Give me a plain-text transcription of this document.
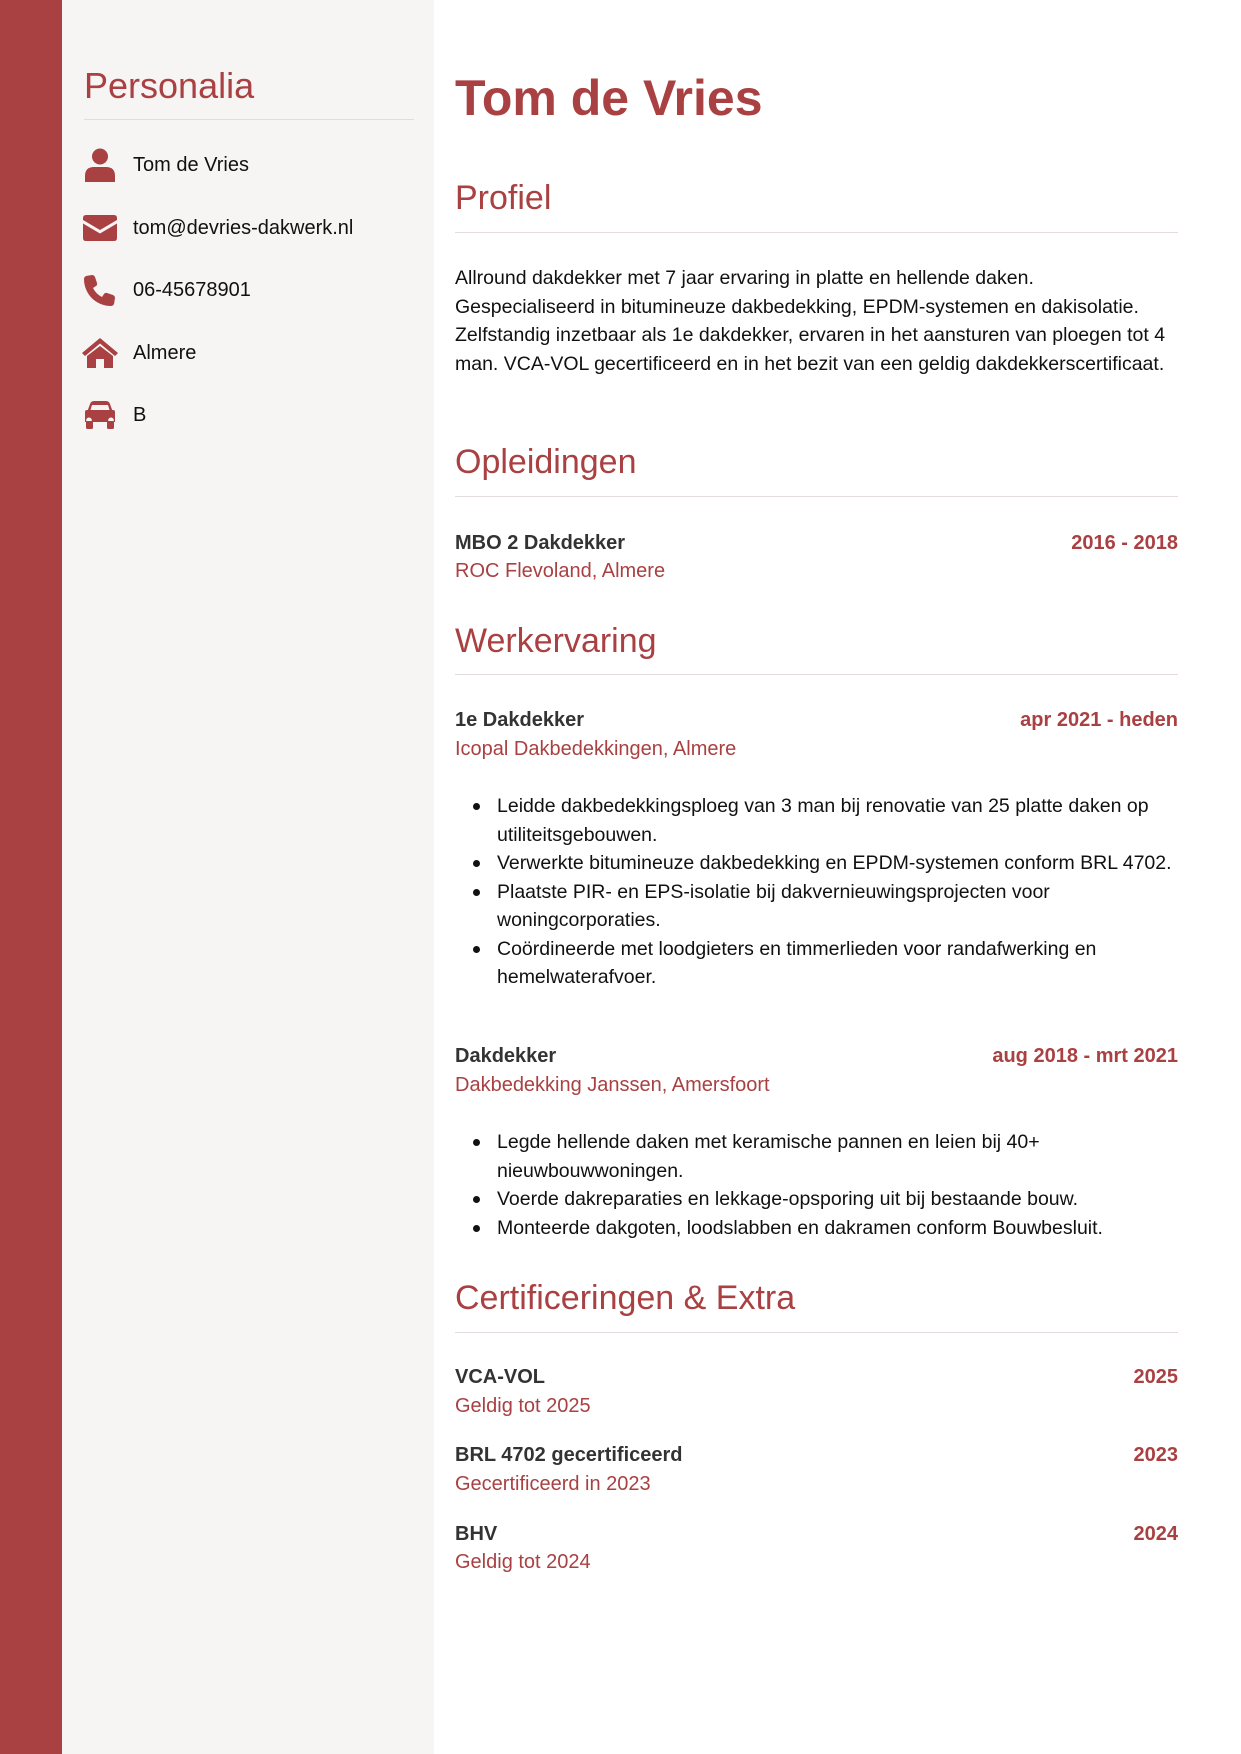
Personalia
Tom de Vries
tom@devries-dakwerk.nl
06-45678901
Almere
B
Tom de Vries
Profiel

Allround dakdekker met 7 jaar ervaring in platte en hellende daken. Gespecialiseerd in bitumineuze dakbedekking, EPDM-systemen en dakisolatie. Zelfstandig inzetbaar als 1e dakdekker, ervaren in het aansturen van ploegen tot 4 man. VCA-VOL gecertificeerd en in het bezit van een geldig dakdekkerscertificaat.

Opleidingen
MBO 2 Dakdekker	2016 - 2018
ROC Flevoland, Almere
Werkervaring
1e Dakdekker	apr 2021 - heden
Icopal Dakbedekkingen, Almere
Leidde dakbedekkingsploeg van 3 man bij renovatie van 25 platte daken op utiliteitsgebouwen.
Verwerkte bitumineuze dakbedekking en EPDM-systemen conform BRL 4702.
Plaatste PIR- en EPS-isolatie bij dakvernieuwingsprojecten voor woningcorporaties.
Coördineerde met loodgieters en timmerlieden voor randafwerking en hemelwaterafvoer.
Dakdekker	aug 2018 - mrt 2021
Dakbedekking Janssen, Amersfoort
Legde hellende daken met keramische pannen en leien bij 40+ nieuwbouwwoningen.
Voerde dakreparaties en lekkage-opsporing uit bij bestaande bouw.
Monteerde dakgoten, loodslabben en dakramen conform Bouwbesluit.
Certificeringen & Extra
VCA-VOL	2025
Geldig tot 2025
BRL 4702 gecertificeerd	2023
Gecertificeerd in 2023
BHV	2024
Geldig tot 2024
